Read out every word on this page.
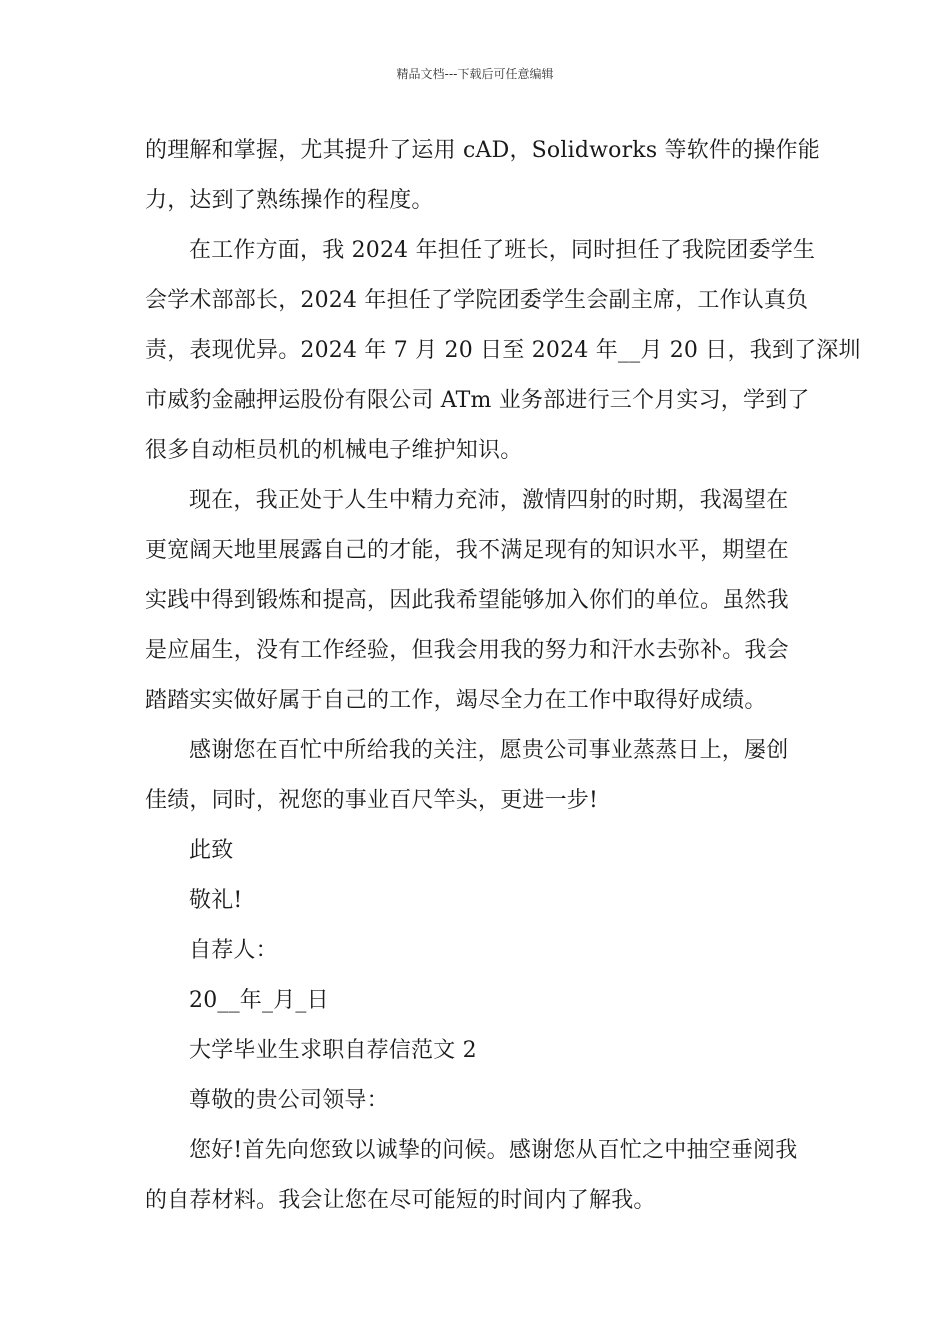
精品文档---下载后可任意编辑
的理解和掌握，尤其提升了运用 cAD，Solidworks 等软件的操作能
力，达到了熟练操作的程度。
在工作方面，我 2024 年担任了班长，同时担任了我院团委学生
会学术部部长，2024 年担任了学院团委学生会副主席，工作认真负
责，表现优异。2024 年 7 月 20 日至 2024 年__月 20 日，我到了深圳
市威豹金融押运股份有限公司 ATm 业务部进行三个月实习，学到了
很多自动柜员机的机械电子维护知识。
现在，我正处于人生中精力充沛，激情四射的时期，我渴望在
更宽阔天地里展露自己的才能，我不满足现有的知识水平，期望在
实践中得到锻炼和提高，因此我希望能够加入你们的单位。虽然我
是应届生，没有工作经验，但我会用我的努力和汗水去弥补。我会
踏踏实实做好属于自己的工作，竭尽全力在工作中取得好成绩。
感谢您在百忙中所给我的关注，愿贵公司事业蒸蒸日上，屡创
佳绩，同时，祝您的事业百尺竿头，更进一步!
此致
敬礼!
自荐人：
20__年_月_日
大学毕业生求职自荐信范文 2
尊敬的贵公司领导：
您好!首先向您致以诚挚的问候。感谢您从百忙之中抽空垂阅我
的自荐材料。我会让您在尽可能短的时间内了解我。
